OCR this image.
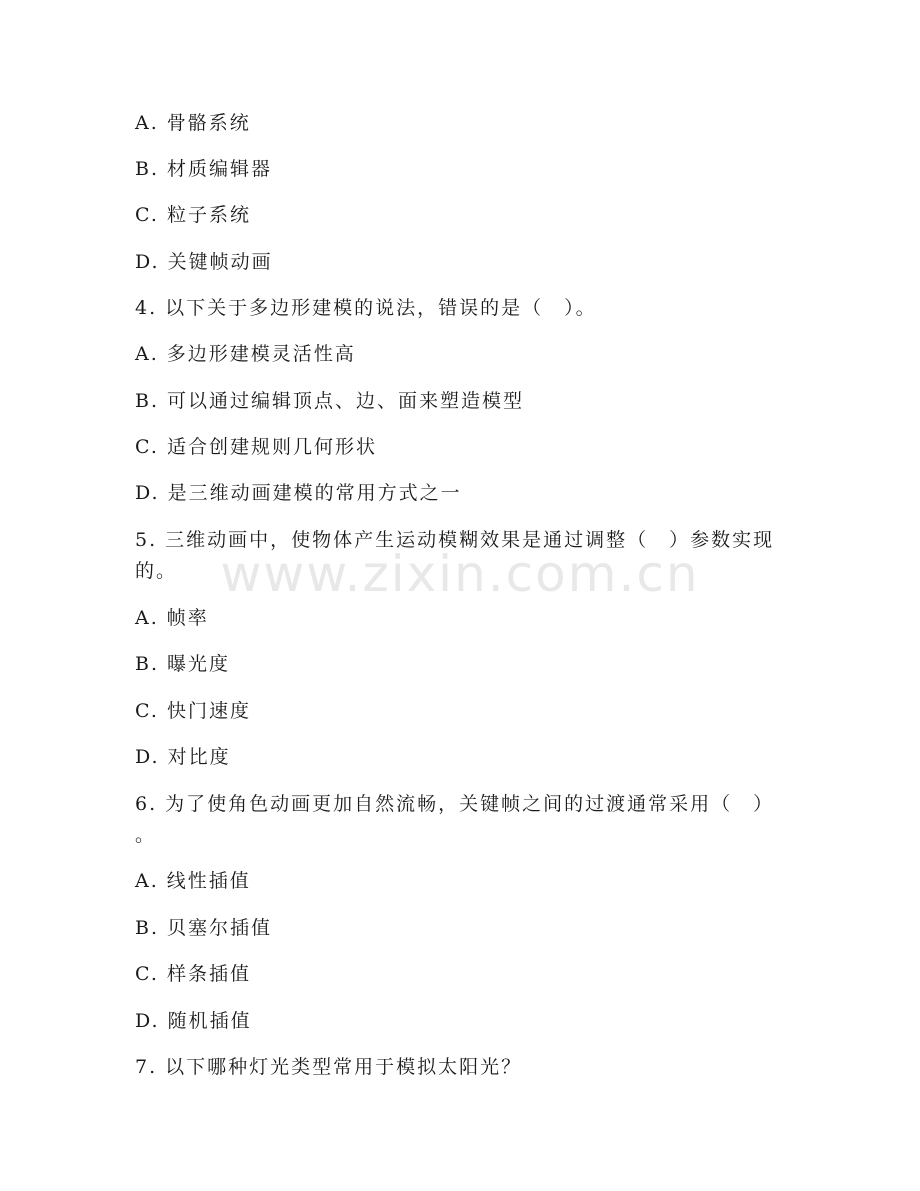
A. 骨骼系统
B. 材质编辑器
C. 粒子系统
D. 关键帧动画
4. 以下关于多边形建模的说法，错误的是（　）。
A. 多边形建模灵活性高
B. 可以通过编辑顶点、边、面来塑造模型
C. 适合创建规则几何形状
D. 是三维动画建模的常用方式之一
5. 三维动画中，使物体产生运动模糊效果是通过调整（　）参数实现
的。
A. 帧率
B. 曝光度
C. 快门速度
D. 对比度
6. 为了使角色动画更加自然流畅，关键帧之间的过渡通常采用（　）
。
A. 线性插值
B. 贝塞尔插值
C. 样条插值
D. 随机插值
7. 以下哪种灯光类型常用于模拟太阳光？
www.zixin.com.cn
